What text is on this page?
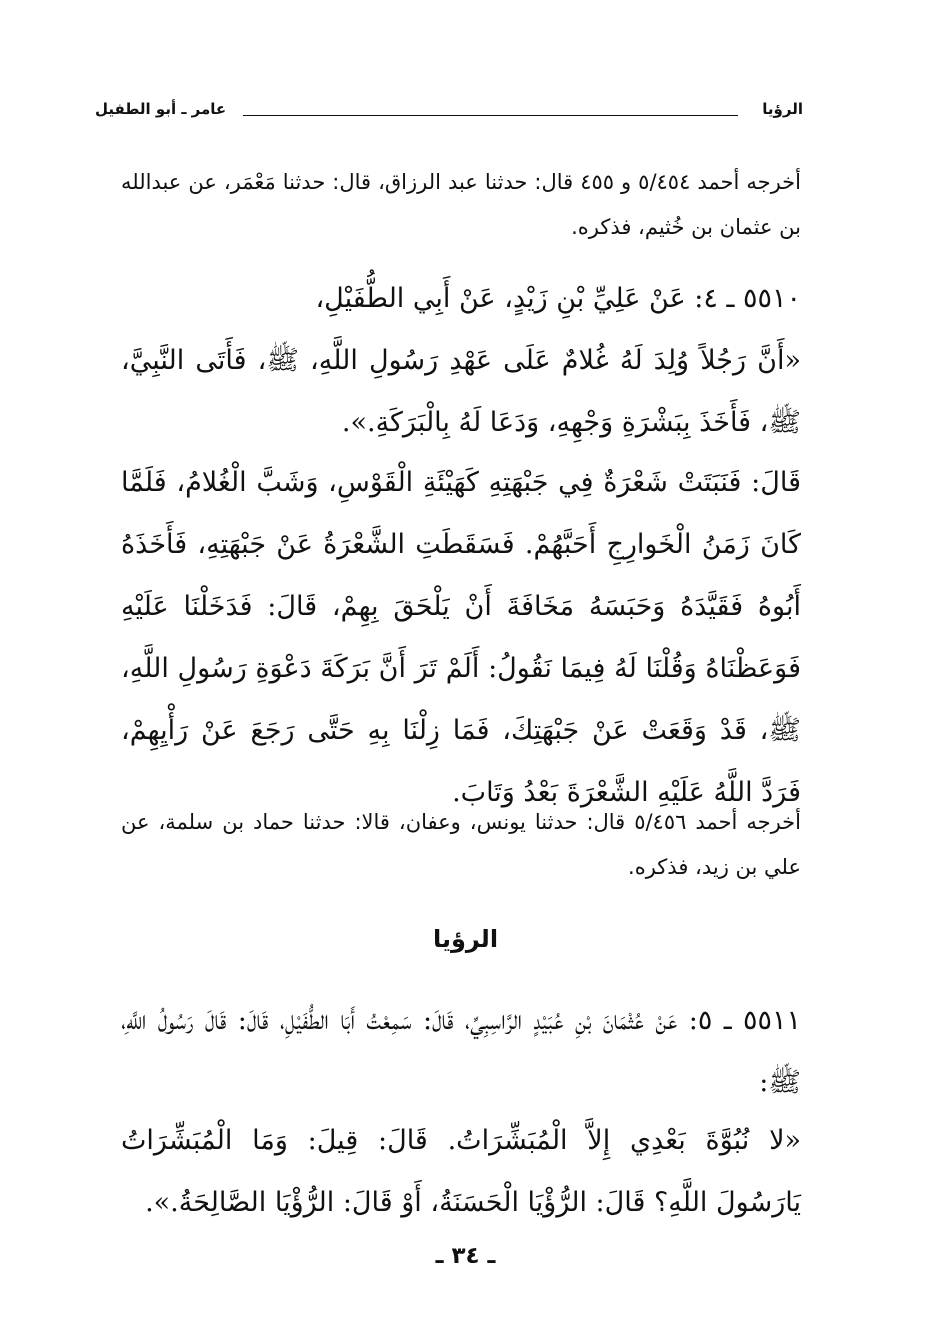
الرؤيا
عامر ـ أبو الطفيل
أخرجه أحمد ٥/٤٥٤ و ٤٥٥ قال: حدثنا عبد الرزاق، قال: حدثنا مَعْمَر، عن عبدالله بن عثمان بن خُثيم، فذكره.
٥٥١٠ ـ ٤: عَنْ عَلِيِّ بْنِ زَيْدٍ، عَنْ أَبِي الطُّفَيْلِ،
«أَنَّ رَجُلاً وُلِدَ لَهُ غُلامٌ عَلَى عَهْدِ رَسُولِ اللَّهِ، ﷺ، فَأَتَى النَّبِيَّ، ﷺ، فَأَخَذَ بِبَشْرَةِ وَجْهِهِ، وَدَعَا لَهُ بِالْبَرَكَةِ.».
قَالَ: فَنَبَتَتْ شَعْرَةٌ فِي جَبْهَتِهِ كَهَيْئَةِ الْقَوْسِ، وَشَبَّ الْغُلامُ، فَلَمَّا كَانَ زَمَنُ الْخَوارِجِ أَحَبَّهُمْ. فَسَقَطَتِ الشَّعْرَةُ عَنْ جَبْهَتِهِ، فَأَخَذَهُ أَبُوهُ فَقَيَّدَهُ وَحَبَسَهُ مَخَافَةَ أَنْ يَلْحَقَ بِهِمْ، قَالَ: فَدَخَلْنَا عَلَيْهِ فَوَعَظْنَاهُ وَقُلْنَا لَهُ فِيمَا نَقُولُ: أَلَمْ تَرَ أَنَّ بَرَكَةَ دَعْوَةِ رَسُولِ اللَّهِ، ﷺ، قَدْ وَقَعَتْ عَنْ جَبْهَتِكَ، فَمَا زِلْنَا بِهِ حَتَّى رَجَعَ عَنْ رَأْيِهِمْ، فَرَدَّ اللَّهُ عَلَيْهِ الشَّعْرَةَ بَعْدُ وَتَابَ.
أخرجه أحمد ٥/٤٥٦ قال: حدثنا يونس، وعفان، قالا: حدثنا حماد بن سلمة، عن علي بن زيد، فذكره.
الرؤيا
٥٥١١ ـ ٥: عَنْ عُثْمَانَ بْنِ عُبَيْدٍ الرَّاسِبِيِّ، قَالَ: سَمِعْتُ أَبَا الطُّفَيْلِ، قَالَ: قَالَ رَسُولُ اللَّهِ، ﷺ:
«لا نُبُوَّةَ بَعْدِي إِلاَّ الْمُبَشِّرَاتُ. قَالَ: قِيلَ: وَمَا الْمُبَشِّرَاتُ يَارَسُولَ اللَّهِ؟ قَالَ: الرُّؤْيَا الْحَسَنَةُ، أَوْ قَالَ: الرُّؤْيَا الصَّالِحَةُ.».
ـ ٣٤ ـ
